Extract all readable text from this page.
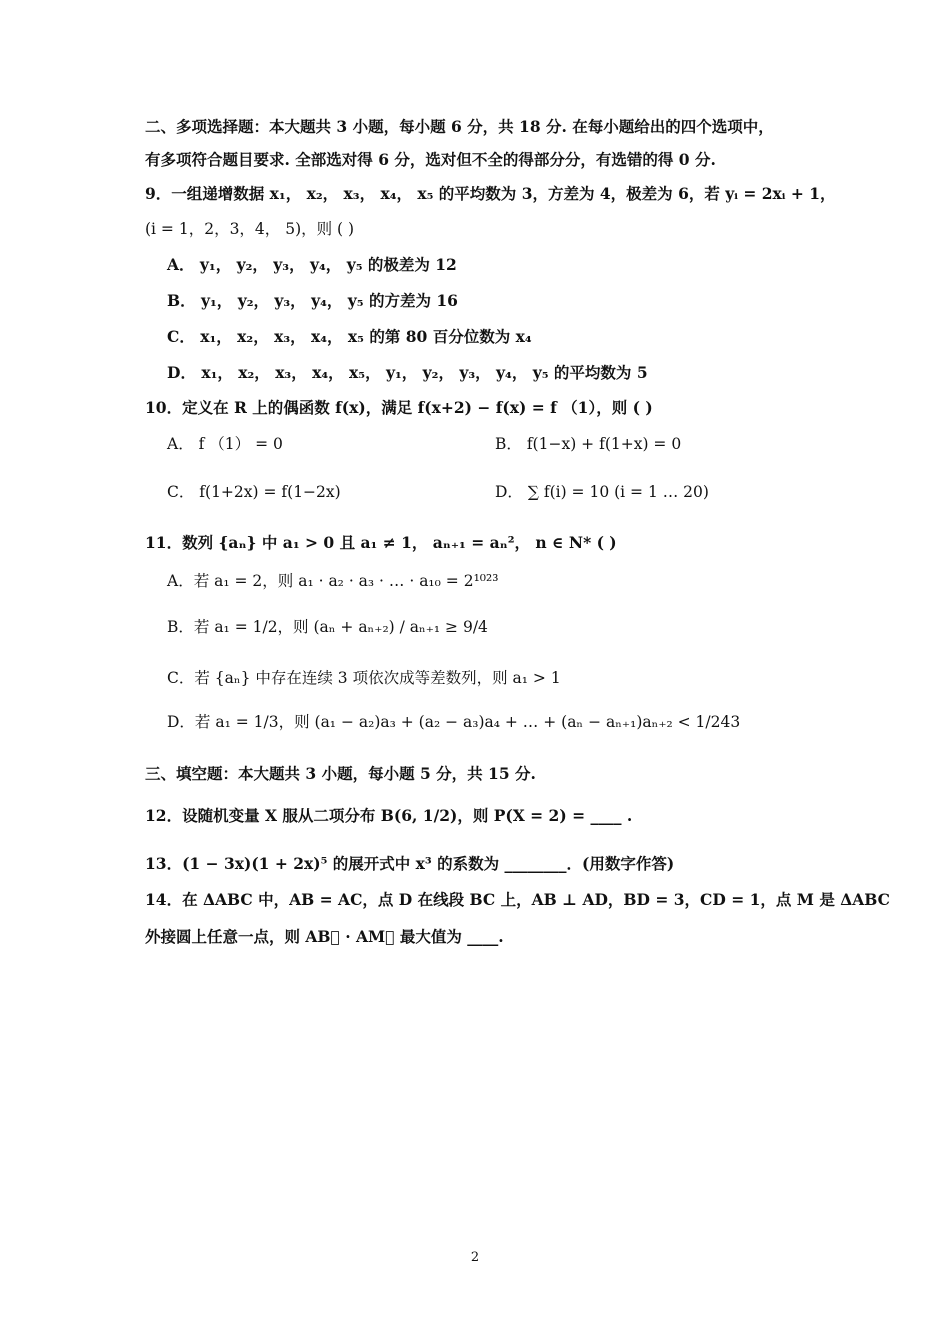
二、多项选择题：本大题共 3 小题，每小题 6 分，共 18 分. 在每小题给出的四个选项中，
有多项符合题目要求. 全部选对得 6 分，选对但不全的得部分分，有选错的得 0 分.
9．一组递增数据 x₁， x₂， x₃， x₄， x₅ 的平均数为 3，方差为 4，极差为 6，若 yᵢ = 2xᵢ + 1，
(i = 1，2，3，4， 5)，则 ( )
A． y₁， y₂， y₃， y₄， y₅ 的极差为 12
B． y₁， y₂， y₃， y₄， y₅ 的方差为 16
C． x₁， x₂， x₃， x₄， x₅ 的第 80 百分位数为 x₄
D． x₁， x₂， x₃， x₄， x₅， y₁， y₂， y₃， y₄， y₅ 的平均数为 5
10．定义在 R 上的偶函数 f(x)，满足 f(x+2) − f(x) = f （1），则 ( )
A． f （1） = 0	B． f(1−x) + f(1+x) = 0
C． f(1+2x) = f(1−2x)	D． ∑ f(i) = 10 (i = 1 … 20)
11．数列 {aₙ} 中 a₁ > 0 且 a₁ ≠ 1， aₙ₊₁ = aₙ²， n ∈ N* ( )
A．若 a₁ = 2，则 a₁ · a₂ · a₃ · … · a₁₀ = 2¹⁰²³
B．若 a₁ = 1/2，则 (aₙ + aₙ₊₂) / aₙ₊₁ ≥ 9/4
C．若 {aₙ} 中存在连续 3 项依次成等差数列，则 a₁ > 1
D．若 a₁ = 1/3，则 (a₁ − a₂)a₃ + (a₂ − a₃)a₄ + … + (aₙ − aₙ₊₁)aₙ₊₂ < 1/243
三、填空题：本大题共 3 小题，每小题 5 分，共 15 分.
12．设随机变量 X 服从二项分布 B(6, 1/2)，则 P(X = 2) = ____ .
13．(1 − 3x)(1 + 2x)⁵ 的展开式中 x³ 的系数为 ________．(用数字作答)
14．在 ΔABC 中，AB = AC，点 D 在线段 BC 上，AB ⊥ AD，BD = 3，CD = 1，点 M 是 ΔABC
外接圆上任意一点，则 AB⃗ · AM⃗ 最大值为 ____.
2
